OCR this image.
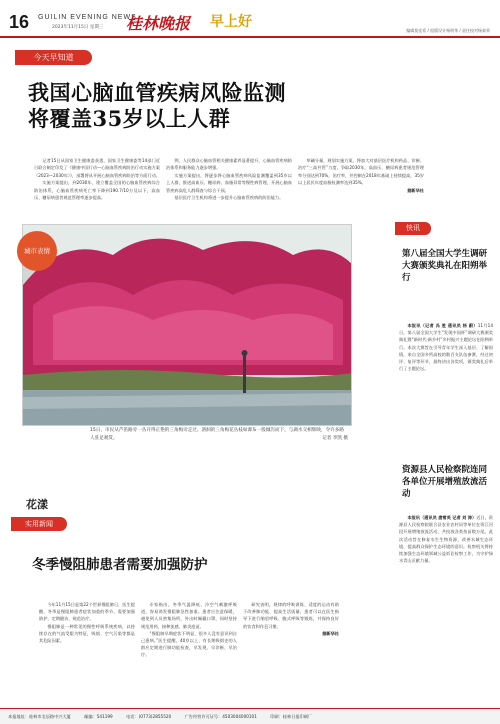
16 GUILIN EVENING NEWS
2023年11月15日 星期三 桂林晚报 早上好
编辑莫佳希 / 组版设计杨明华 / 责任校对杨泰荣
今天早知道
我国心脑血管疾病风险监测
将覆盖35岁以上人群

记者15日从国家卫生健康委获悉，国家卫生健康委等14部门近日联合制定印发了《健康中国行动—心脑血管疾病防治行动实施方案（2023—2030年）》，部署将从开展心脑血管疾病防治等方面行动。

实施方案提出，到2030年，建立覆盖全国的心脑血管疾病综合防治体系，心脑血管疾病死亡率下降到190.7/10万及以下，高血压、糖尿病患者规范管理率逐步提高。

例，人民群众心脑血管相关健康素养显著提升，心脑血管疾病防治体系和服务能力逐步增强。

实施方案提出，将逐步将心脑血管疾病风险监测覆盖到35岁以上人群，推进高血压、糖尿病、血脂异常等慢性病管理，开展心脑血管疾病高危人群筛查与综合干预。

基层医疗卫生机构将进一步提升心脑血管疾病的防治能力。

草碱分量，规划实施方案，将加大对基层医疗机构药品、诊断、治疗“三高共管”力度，争取2030年，高血压、糖尿病患者规范管理率分别达到70%，治疗率，并控制在2018年基础上持续提高，35岁以上居民年度血脂检测率达到35%。

据新华社
城市表情
15日，市民从芦笛路旁一丛开得正艳的三角梅旁走过。溶洞的三角梅花丛枝如瀑布一般倾泻而下，与湖水交相辉映，令许多路人驻足观赏。	记者 李凯 摄
花漾
实用新闻
冬季慢阻肺患者需要加强防护

今年11月15日是第22个世界慢阻肺日，医生提醒，冬季是慢阻肺患者症状加重的季节，需要加强防护，定期随访，规范治疗。

慢阻肺是一种常见的慢性呼吸系统疾病，以持续存在的气流受限为特征，吸烟、空气污染等都是其危险因素。

专家指出，冬季气温降低，冷空气刺激呼吸道，容易诱发慢阻肺急性加重。患者应注意保暖，避免到人员密集场所，外出时佩戴口罩，同时坚持规范用药，接种流感、肺炎疫苗。

“慢阻肺早期症状不明显，很多人没有意识到自己患病。”医生提醒，40岁以上、有长期吸烟史的人群应定期进行肺功能检查，早发现、早诊断、早治疗。

研究表明，规律的呼吸训练、适度的运动有助于改善肺功能、提高生活质量。患者可以在医生指导下进行缩唇呼吸、腹式呼吸等锻炼，并保持良好的饮食和作息习惯。

据新华社
快讯
第八届全国大学生调研大赛颁奖典礼在阳朔举行

本报讯（记者 冯 胜 通讯员 杨 蔚）11月14日，第八届全国大学生“发现中国杯”调研大赛颁奖典礼暨“新时代·新乡村”乡村振兴主题论坛在阳朔举行。本次大赛旨在引导青年学生深入基层、了解国情，来自全国多所高校的数百支队伍参赛，经过初评、复评等环节，最终决出各奖项，颁奖典礼后举行了主题论坛。

资源县人民检察院连同各单位开展增殖放流活动

本报讯（通讯员 唐雪英 记者 刘 涛）近日，资源县人民检察院联合县农业农村局等单位在资江河段开展增殖放流活动，共投放各类鱼苗数万尾。此次活动旨在修复水生生物资源，改善水域生态环境，提高群众保护生态环境的意识。检察机关将持续加强生态环境领域公益诉讼检察工作，为守护绿水青山贡献力量。

本报地址：桂林市北辰路中兴大厦	邮编：541199	电话：(0773)2855520	广告经营许可证号：4503004000101	印刷：桂林日报印刷厂
